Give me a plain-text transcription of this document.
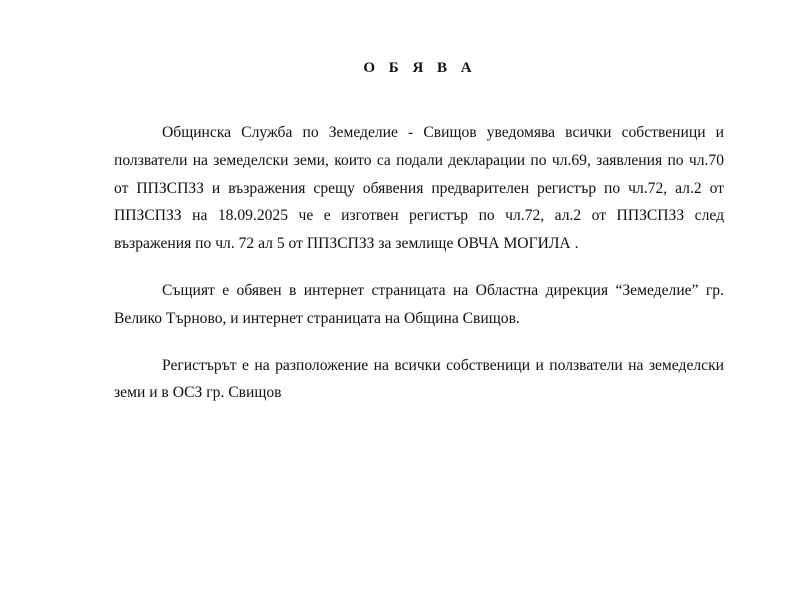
О Б Я В А

Общинска Служба по Земеделие - Свищов уведомява всички собственици и
ползватели на земеделски земи, които са подали декларации по чл.69, заявления по чл.70
от ППЗСПЗЗ и възражения срещу обявения предварителен регистър по чл.72, ал.2 от
ППЗСПЗЗ на 18.09.2025 че е изготвен регистър по чл.72, ал.2 от ППЗСПЗЗ след
възражения по чл. 72 ал 5 от ППЗСПЗЗ за землище ОВЧА МОГИЛА .

Същият е обявен в интернет страницата на Областна дирекция “Земеделие” гр.
Велико Търново, и интернет страницата на Община Свищов.

Регистърът е на разположение на всички собственици и ползватели на земеделски
земи и в ОСЗ гр. Свищов
